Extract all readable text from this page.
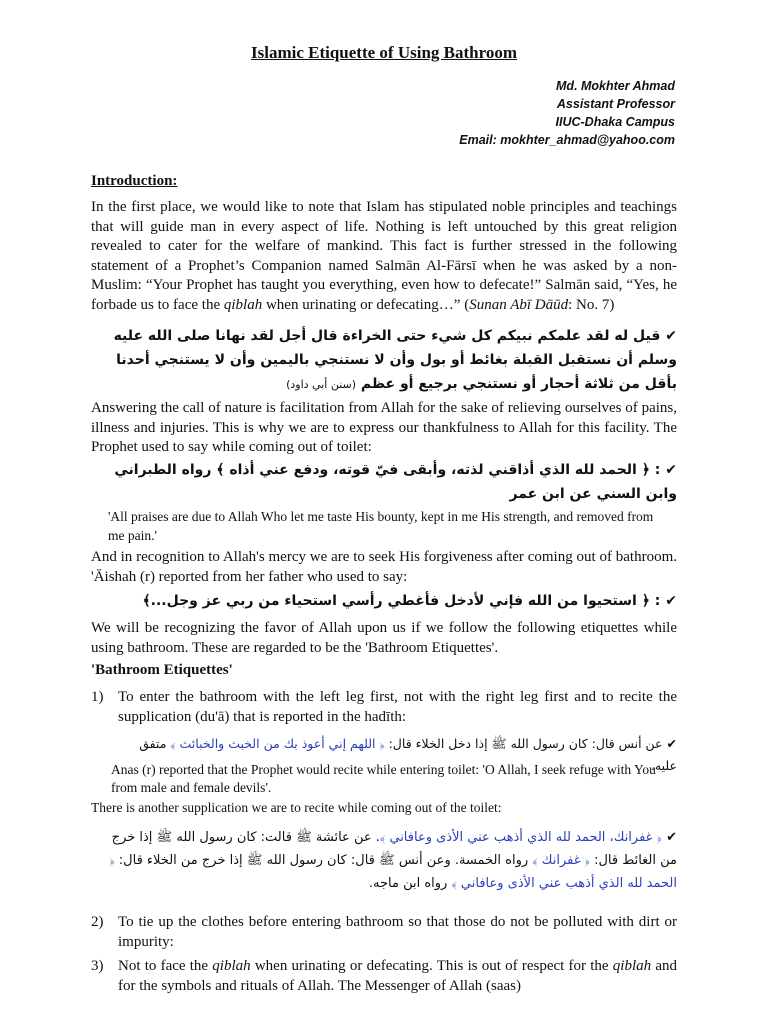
Islamic Etiquette of Using Bathroom
Md. Mokhter Ahmad
Assistant Professor
IIUC-Dhaka Campus
Email: mokhter_ahmad@yahoo.com
Introduction:
In the first place, we would like to note that Islam has stipulated noble principles and teachings that will guide man in every aspect of life. Nothing is left untouched by this great religion revealed to cater for the welfare of mankind. This fact is further stressed in the following statement of a Prophet’s Companion named Salmān Al-Fārsī when he was asked by a non-Muslim: “Your Prophet has taught you everything, even how to defecate!” Salmān said, “Yes, he forbade us to face the qiblah when urinating or defecating…” (Sunan Abī Dāūd: No. 7)
✔ قيل له لقد علمكم نبيكم كل شيء حتى الخراءة قال أجل لقد نهانا صلى الله عليه وسلم أن نستقبل القبلة بغائط أو بول وأن لا نستنجي باليمين وأن لا يستنجي أحدنا بأقل من ثلاثة أحجار أو نستنجي برجيع أو عظم (سنن أبي داود)
Answering the call of nature is facilitation from Allah for the sake of relieving ourselves of pains, illness and injuries. This is why we are to express our thankfulness to Allah for this facility. The Prophet used to say while coming out of toilet:
✔ : ﴿ الحمد لله الذي أذاقني لذته، وأبقى فيّ قوته، ودفع عني أذاه ﴾ رواه الطبراني وابن السني عن ابن عمر
'All praises are due to Allah Who let me taste His bounty, kept in me His strength, and removed from me pain.'
And in recognition to Allah's mercy we are to seek His forgiveness after coming out of bathroom. 'Āishah (r) reported from her father who used to say:
✔ : ﴿ استحيوا من الله فإني لأدخل فأغطي رأسي استحياء من ربي عز وجل...﴾
We will be recognizing the favor of Allah upon us if we follow the following etiquettes while using bathroom. These are regarded to be the 'Bathroom Etiquettes'.
'Bathroom Etiquettes'
1) To enter the bathroom with the left leg first, not with the right leg first and to recite the supplication (du'ā) that is reported in the hadīth:
✔ عن أنس قال: كان رسول الله ﷺ إذا دخل الخلاء قال: ﴿ اللهم إني أعوذ بك من الخبث والخبائث ﴾ متفق عليه.
Anas (r) reported that the Prophet would recite while entering toilet: 'O Allah, I seek refuge with You from male and female devils'.
There is another supplication we are to recite while coming out of the toilet:
✔ ﴿ غفرانك، الحمد لله الذي أذهب عني الأذى وعافاني ﴾. عن عائشة ﷺ قالت: كان رسول الله ﷺ إذا خرج من الغائط قال: ﴿ غفرانك ﴾ رواه الخمسة. وعن أنس ﷺ قال: كان رسول الله ﷺ إذا خرج من الخلاء قال: ﴿ الحمد لله الذي أذهب عني الأذى وعافاني ﴾ رواه ابن ماجه.
2) To tie up the clothes before entering bathroom so that those do not be polluted with dirt or impurity:
3) Not to face the qiblah when urinating or defecating. This is out of respect for the qiblah and for the symbols and rituals of Allah. The Messenger of Allah (saas)
